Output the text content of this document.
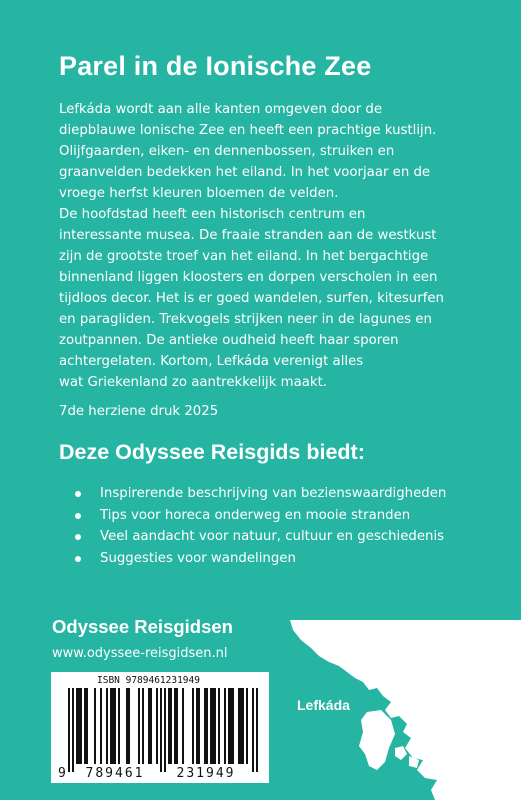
Parel in de Ionische Zee
Lefkáda wordt aan alle kanten omgeven door de
diepblauwe Ionische Zee en heeft een prachtige kustlijn.
Olijfgaarden, eiken- en dennenbossen, struiken en
graanvelden bedekken het eiland. In het voorjaar en de
vroege herfst kleuren bloemen de velden.
De hoofdstad heeft een historisch centrum en
interessante musea. De fraaie stranden aan de westkust
zijn de grootste troef van het eiland. In het bergachtige
binnenland liggen kloosters en dorpen verscholen in een
tijdloos decor. Het is er goed wandelen, surfen, kitesurfen
en paragliden. Trekvogels strijken neer in de lagunes en
zoutpannen. De antieke oudheid heeft haar sporen
achtergelaten. Kortom, Lefkáda verenigt alles
wat Griekenland zo aantrekkelijk maakt.
7de herziene druk 2025
Deze Odyssee Reisgids biedt:
Inspirerende beschrijving van bezienswaardigheden
Tips voor horeca onderweg en mooie stranden
Veel aandacht voor natuur, cultuur en geschiedenis
Suggesties voor wandelingen
Odyssee Reisgidsen
www.odyssee-reisgidsen.nl
9 789461 231949
ISBN 9789461231949
Lefkáda
